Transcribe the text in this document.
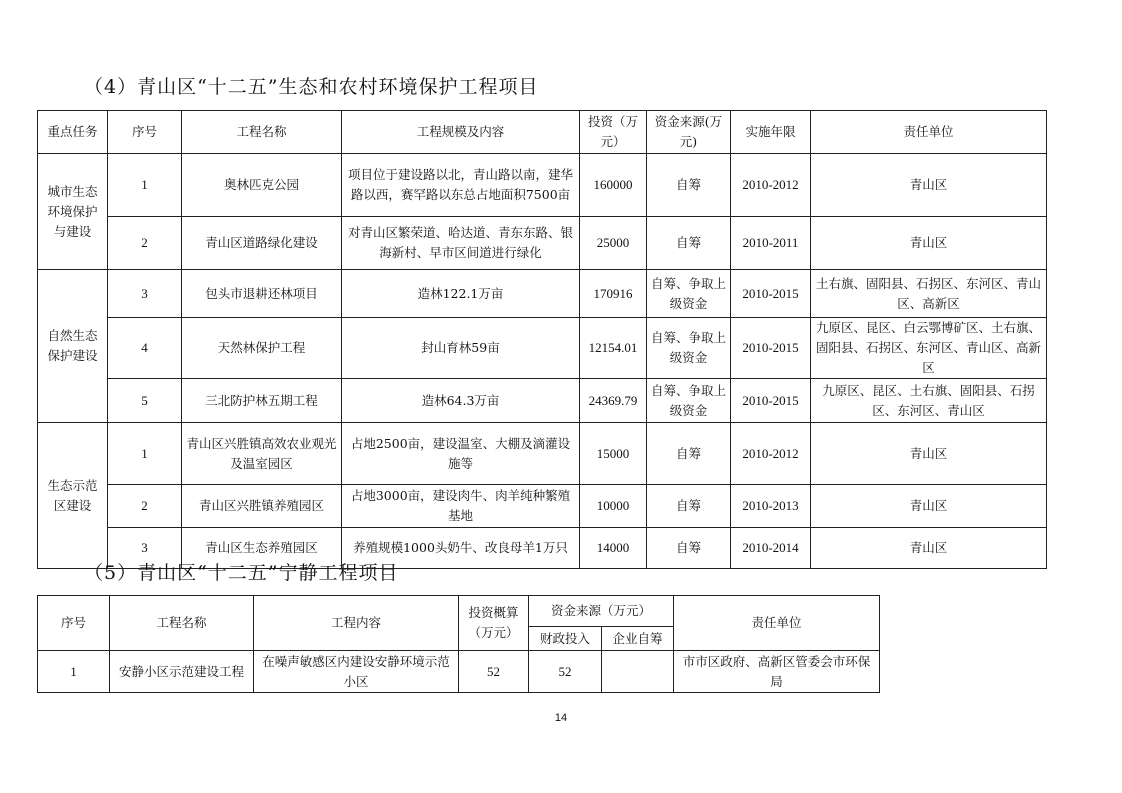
（4）青山区“十二五”生态和农村环境保护工程项目
重点任务	序号	工程名称	工程规模及内容	投资（万元）	资金来源(万元)	实施年限	责任单位
城市生态环境保护与建设	1	奥林匹克公园	项目位于建设路以北，青山路以南，建华路以西，赛罕路以东总占地面积7500亩	160000	自筹	2010-2012	青山区
	2	青山区道路绿化建设	对青山区繁荣道、哈达道、青东东路、银海新村、早市区间道进行绿化	25000	自筹	2010-2011	青山区
自然生态保护建设	3	包头市退耕还林项目	造林122.1万亩	170916	自筹、争取上级资金	2010-2015	土右旗、固阳县、石拐区、东河区、青山区、高新区
	4	天然林保护工程	封山育林59亩	12154.01	自筹、争取上级资金	2010-2015	九原区、昆区、白云鄂博矿区、土右旗、固阳县、石拐区、东河区、青山区、高新区
	5	三北防护林五期工程	造林64.3万亩	24369.79	自筹、争取上级资金	2010-2015	九原区、昆区、土右旗、固阳县、石拐区、东河区、青山区
生态示范区建设	1	青山区兴胜镇高效农业观光及温室园区	占地2500亩，建设温室、大棚及滴灌设施等	15000	自筹	2010-2012	青山区
	2	青山区兴胜镇养殖园区	占地3000亩，建设肉牛、肉羊纯种繁殖基地	10000	自筹	2010-2013	青山区
	3	青山区生态养殖园区	养殖规模1000头奶牛、改良母羊1万只	14000	自筹	2010-2014	青山区
（5）青山区“十二五”宁静工程项目
序号	工程名称	工程内容	投资概算（万元）	资金来源（万元）		责任单位
				财政投入	企业自筹	
1	安静小区示范建设工程	在噪声敏感区内建设安静环境示范小区	52	52		市市区政府、高新区管委会市环保局
14
